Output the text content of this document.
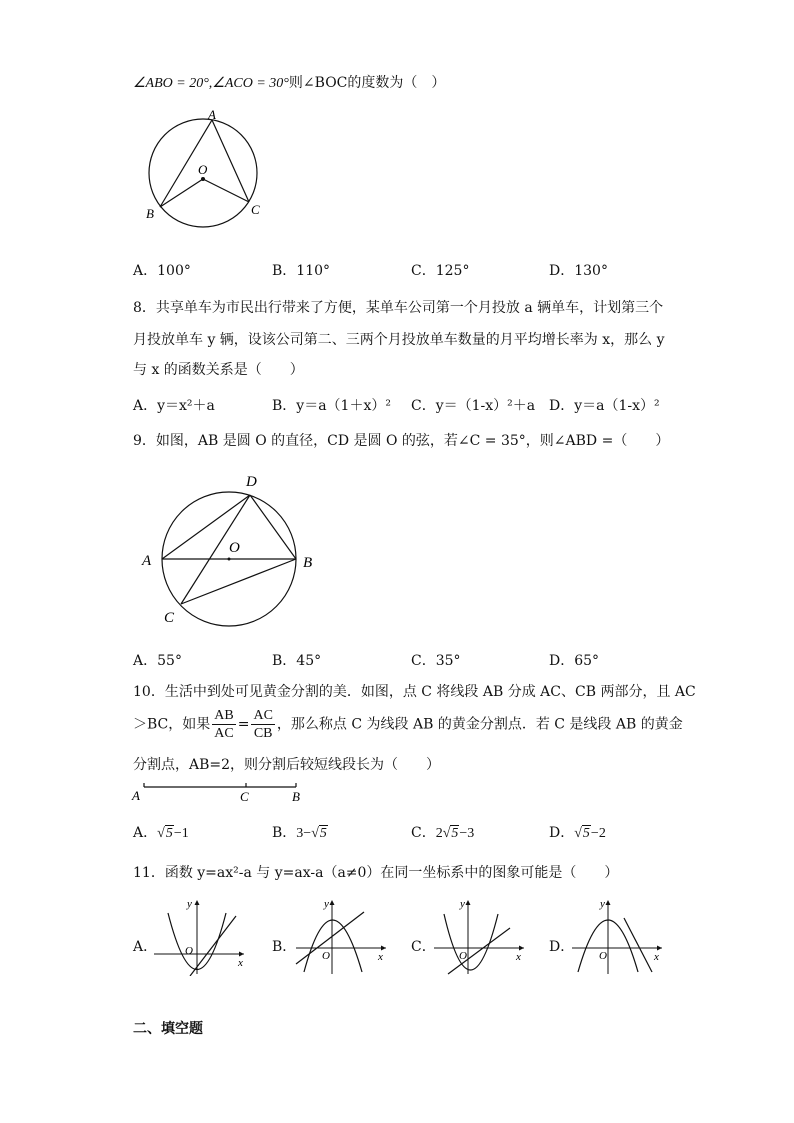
∠ABO = 20°,∠ACO = 30°则∠BOC的度数为（　）
A
O
B	C
A．100°	B．110°	C．125°	D．130°
8．共享单车为市民出行带来了方便，某单车公司第一个月投放 a 辆单车，计划第三个
月投放单车 y 辆，设该公司第二、三两个月投放单车数量的月平均增长率为 x，那么 y
与 x 的函数关系是（　　）
A．y＝x²＋a	B．y＝a（1＋x）² C．y＝（1-x）²＋a D．y＝a（1-x）²
9．如图，AB 是圆 O 的直径，CD 是圆 O 的弦，若∠C = 35°，则∠ABD =（　　）
D
O
A	B
C
A．55°	B．45°	C．35°	D．65°
10．生活中到处可见黄金分割的美．如图，点 C 将线段 AB 分成 AC、CB 两部分，且 AC
＞BC，如果 $\frac{AB}{AC} = \frac{AC}{CB}$ ，那么称点 C 为线段 AB 的黄金分割点．若 C 是线段 AB 的黄金
分割点，AB=2，则分割后较短线段长为（　　）
A	C	B
A．√5−1	B．3−√5	C．2√5−3	D．√5−2
11．函数 y=ax²-a 与 y=ax-a（a≠0）在同一坐标系中的图象可能是（　　）
A．	B．	C．	D．
y
x
O
y
x
O
y
x
O
y
x
O
二、填空题
